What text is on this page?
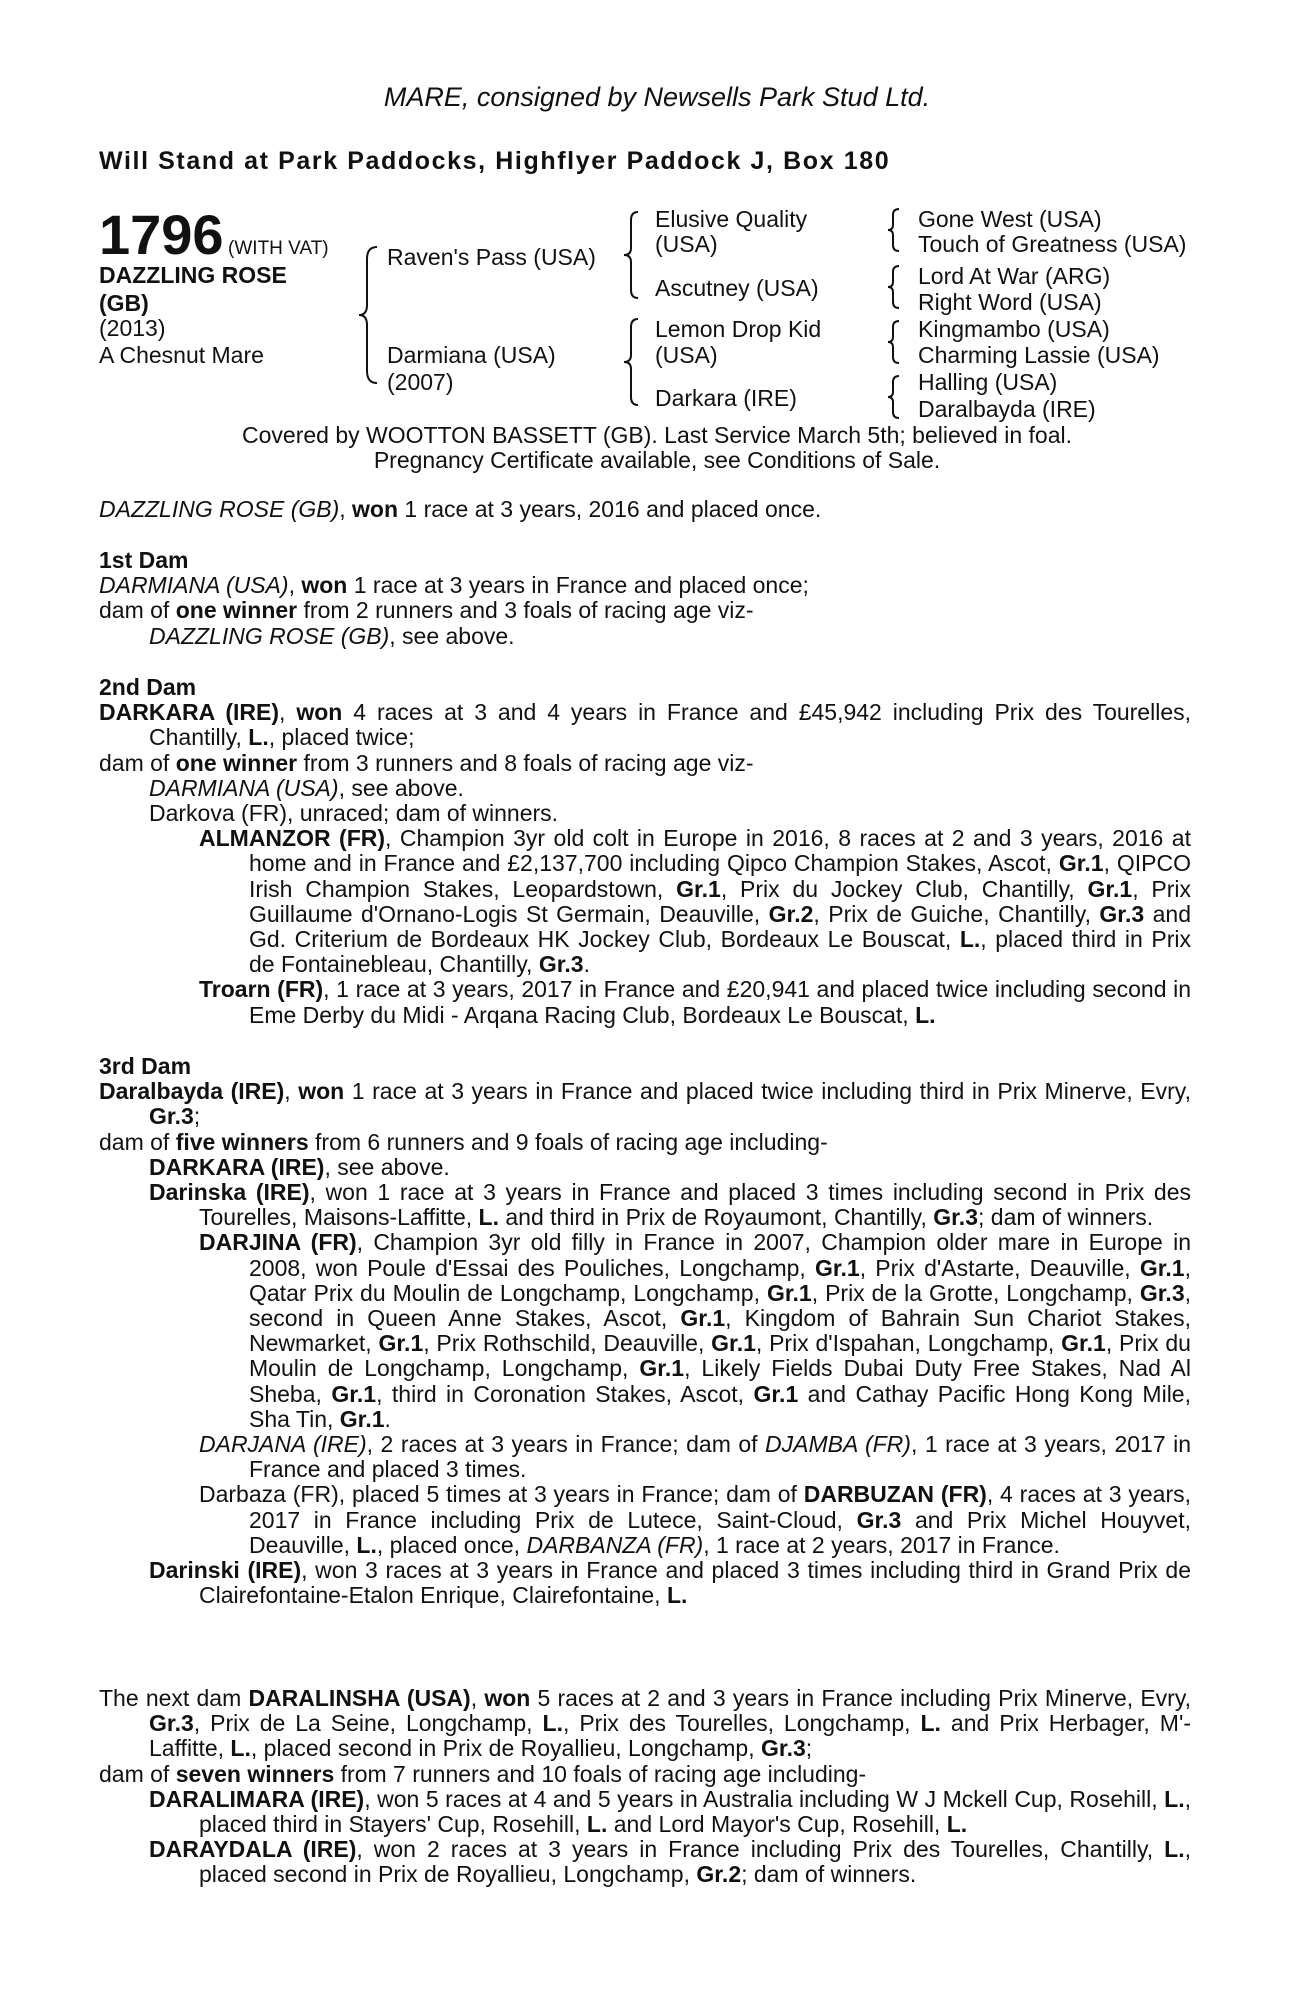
MARE, consigned by Newsells Park Stud Ltd.
Will Stand at Park Paddocks, Highflyer Paddock J, Box 180
1796 (WITH VAT)
DAZZLING ROSE
(GB)
(2013)
A Chesnut Mare
Raven's Pass (USA)
Darmiana (USA)
(2007)
Elusive Quality
(USA)
Ascutney (USA)
Lemon Drop Kid
(USA)
Darkara (IRE)
Gone West (USA)
Touch of Greatness (USA)
Lord At War (ARG)
Right Word (USA)
Kingmambo (USA)
Charming Lassie (USA)
Halling (USA)
Daralbayda (IRE)
Covered by WOOTTON BASSETT (GB). Last Service March 5th; believed in foal.
Pregnancy Certificate available, see Conditions of Sale.

DAZZLING ROSE (GB), won 1 race at 3 years, 2016 and placed once.

1st Dam

DARMIANA (USA), won 1 race at 3 years in France and placed once;

dam of one winner from 2 runners and 3 foals of racing age viz-

DAZZLING ROSE (GB), see above.

2nd Dam

DARKARA (IRE), won 4 races at 3 and 4 years in France and £45,942 including Prix des Tourelles, Chantilly, L., placed twice;

dam of one winner from 3 runners and 8 foals of racing age viz-

DARMIANA (USA), see above.

Darkova (FR), unraced; dam of winners.

ALMANZOR (FR), Champion 3yr old colt in Europe in 2016, 8 races at 2 and 3 years, 2016 at home and in France and £2,137,700 including Qipco Champion Stakes, Ascot, Gr.1, QIPCO Irish Champion Stakes, Leopardstown, Gr.1, Prix du Jockey Club, Chantilly, Gr.1, Prix Guillaume d'Ornano-Logis St Germain, Deauville, Gr.2, Prix de Guiche, Chantilly, Gr.3 and Gd. Criterium de Bordeaux HK Jockey Club, Bordeaux Le Bouscat, L., placed third in Prix de Fontainebleau, Chantilly, Gr.3.

Troarn (FR), 1 race at 3 years, 2017 in France and £20,941 and placed twice including second in Eme Derby du Midi - Arqana Racing Club, Bordeaux Le Bouscat, L.

3rd Dam

Daralbayda (IRE), won 1 race at 3 years in France and placed twice including third in Prix Minerve, Evry, Gr.3;

dam of five winners from 6 runners and 9 foals of racing age including-

DARKARA (IRE), see above.

Darinska (IRE), won 1 race at 3 years in France and placed 3 times including second in Prix des Tourelles, Maisons-Laffitte, L. and third in Prix de Royaumont, Chantilly, Gr.3; dam of winners.

DARJINA (FR), Champion 3yr old filly in France in 2007, Champion older mare in Europe in 2008, won Poule d'Essai des Pouliches, Longchamp, Gr.1, Prix d'Astarte, Deauville, Gr.1, Qatar Prix du Moulin de Longchamp, Longchamp, Gr.1, Prix de la Grotte, Longchamp, Gr.3, second in Queen Anne Stakes, Ascot, Gr.1, Kingdom of Bahrain Sun Chariot Stakes, Newmarket, Gr.1, Prix Rothschild, Deauville, Gr.1, Prix d'Ispahan, Longchamp, Gr.1, Prix du Moulin de Longchamp, Longchamp, Gr.1, Likely Fields Dubai Duty Free Stakes, Nad Al Sheba, Gr.1, third in Coronation Stakes, Ascot, Gr.1 and Cathay Pacific Hong Kong Mile, Sha Tin, Gr.1.

DARJANA (IRE), 2 races at 3 years in France; dam of DJAMBA (FR), 1 race at 3 years, 2017 in France and placed 3 times.

Darbaza (FR), placed 5 times at 3 years in France; dam of DARBUZAN (FR), 4 races at 3 years, 2017 in France including Prix de Lutece, Saint-Cloud, Gr.3 and Prix Michel Houyvet, Deauville, L., placed once, DARBANZA (FR), 1 race at 2 years, 2017 in France.

Darinski (IRE), won 3 races at 3 years in France and placed 3 times including third in Grand Prix de Clairefontaine-Etalon Enrique, Clairefontaine, L.

The next dam DARALINSHA (USA), won 5 races at 2 and 3 years in France including Prix Minerve, Evry, Gr.3, Prix de La Seine, Longchamp, L., Prix des Tourelles, Longchamp, L. and Prix Herbager, M'-Laffitte, L., placed second in Prix de Royallieu, Longchamp, Gr.3;

dam of seven winners from 7 runners and 10 foals of racing age including-

DARALIMARA (IRE), won 5 races at 4 and 5 years in Australia including W J Mckell Cup, Rosehill, L., placed third in Stayers' Cup, Rosehill, L. and Lord Mayor's Cup, Rosehill, L.

DARAYDALA (IRE), won 2 races at 3 years in France including Prix des Tourelles, Chantilly, L., placed second in Prix de Royallieu, Longchamp, Gr.2; dam of winners.
